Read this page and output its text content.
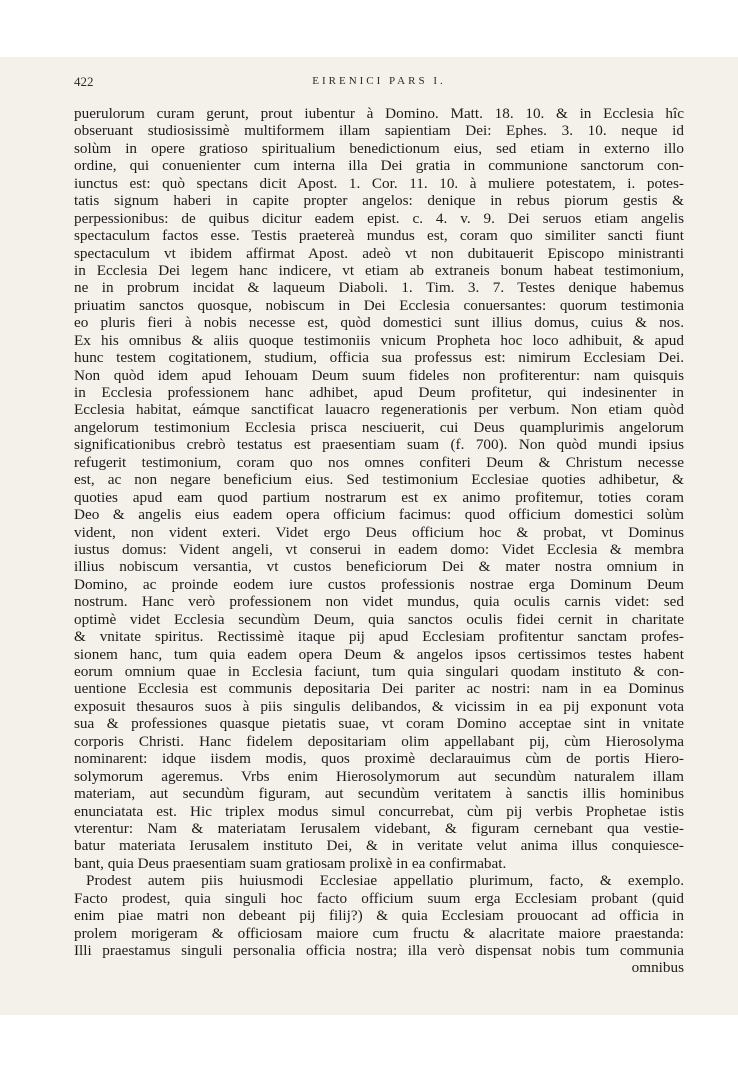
422	EIRENICI PARS I.
puerulorum curam gerunt, prout iubentur à Domino. Matt. 18. 10. & in Ecclesia hîc
obseruant studiosissimè multiformem illam sapientiam Dei: Ephes. 3. 10. neque id
solùm in opere gratioso spiritualium benedictionum eius, sed etiam in externo illo
ordine, qui conuenienter cum interna illa Dei gratia in communione sanctorum con-
iunctus est: quò spectans dicit Apost. 1. Cor. 11. 10. à muliere potestatem, i. potes-
tatis signum haberi in capite propter angelos: denique in rebus piorum gestis &
perpessionibus: de quibus dicitur eadem epist. c. 4. v. 9. Dei seruos etiam angelis
spectaculum factos esse. Testis praetereà mundus est, coram quo similiter sancti fiunt
spectaculum vt ibidem affirmat Apost. adeò vt non dubitauerit Episcopo ministranti
in Ecclesia Dei legem hanc indicere, vt etiam ab extraneis bonum habeat testimonium,
ne in probrum incidat & laqueum Diaboli. 1. Tim. 3. 7. Testes denique habemus
priuatim sanctos quosque, nobiscum in Dei Ecclesia conuersantes: quorum testimonia
eo pluris fieri à nobis necesse est, quòd domestici sunt illius domus, cuius & nos.
Ex his omnibus & aliis quoque testimoniis vnicum Propheta hoc loco adhibuit, & apud
hunc testem cogitationem, studium, officia sua professus est: nimirum Ecclesiam Dei.
Non quòd idem apud Iehouam Deum suum fideles non profiterentur: nam quisquis
in Ecclesia professionem hanc adhibet, apud Deum profitetur, qui indesinenter in
Ecclesia habitat, eámque sanctificat lauacro regenerationis per verbum. Non etiam quòd
angelorum testimonium Ecclesia prisca nesciuerit, cui Deus quamplurimis angelorum
significationibus crebrò testatus est praesentiam suam (f. 700). Non quòd mundi ipsius
refugerit testimonium, coram quo nos omnes confiteri Deum & Christum necesse
est, ac non negare beneficium eius. Sed testimonium Ecclesiae quoties adhibetur, &
quoties apud eam quod partium nostrarum est ex animo profitemur, toties coram
Deo & angelis eius eadem opera officium facimus: quod officium domestici solùm
vident, non vident exteri. Videt ergo Deus officium hoc & probat, vt Dominus
iustus domus: Vident angeli, vt conserui in eadem domo: Videt Ecclesia & membra
illius nobiscum versantia, vt custos beneficiorum Dei & mater nostra omnium in
Domino, ac proinde eodem iure custos professionis nostrae erga Dominum Deum
nostrum. Hanc verò professionem non videt mundus, quia oculis carnis videt: sed
optimè videt Ecclesia secundùm Deum, quia sanctos oculis fidei cernit in charitate
& vnitate spiritus. Rectissimè itaque pij apud Ecclesiam profitentur sanctam profes-
sionem hanc, tum quia eadem opera Deum & angelos ipsos certissimos testes habent
eorum omnium quae in Ecclesia faciunt, tum quia singulari quodam instituto & con-
uentione Ecclesia est communis depositaria Dei pariter ac nostri: nam in ea Dominus
exposuit thesauros suos à piis singulis delibandos, & vicissim in ea pij exponunt vota
sua & professiones quasque pietatis suae, vt coram Domino acceptae sint in vnitate
corporis Christi. Hanc fidelem depositariam olim appellabant pij, cùm Hierosolyma
nominarent: idque iisdem modis, quos proximè declarauimus cùm de portis Hiero-
solymorum ageremus. Vrbs enim Hierosolymorum aut secundùm naturalem illam
materiam, aut secundùm figuram, aut secundùm veritatem à sanctis illis hominibus
enunciatata est. Hic triplex modus simul concurrebat, cùm pij verbis Prophetae istis
vterentur: Nam & materiatam Ierusalem videbant, & figuram cernebant qua vestie-
batur materiata Ierusalem instituto Dei, & in veritate velut anima illus conquiesce-
bant, quia Deus praesentiam suam gratiosam prolixè in ea confirmabat.
Prodest autem piis huiusmodi Ecclesiae appellatio plurimum, facto, & exemplo.
Facto prodest, quia singuli hoc facto officium suum erga Ecclesiam probant (quid
enim piae matri non debeant pij filij?) & quia Ecclesiam prouocant ad officia in
prolem morigeram & officiosam maiore cum fructu & alacritate maiore praestanda:
Illi praestamus singuli personalia officia nostra; illa verò dispensat nobis tum communia
omnibus
